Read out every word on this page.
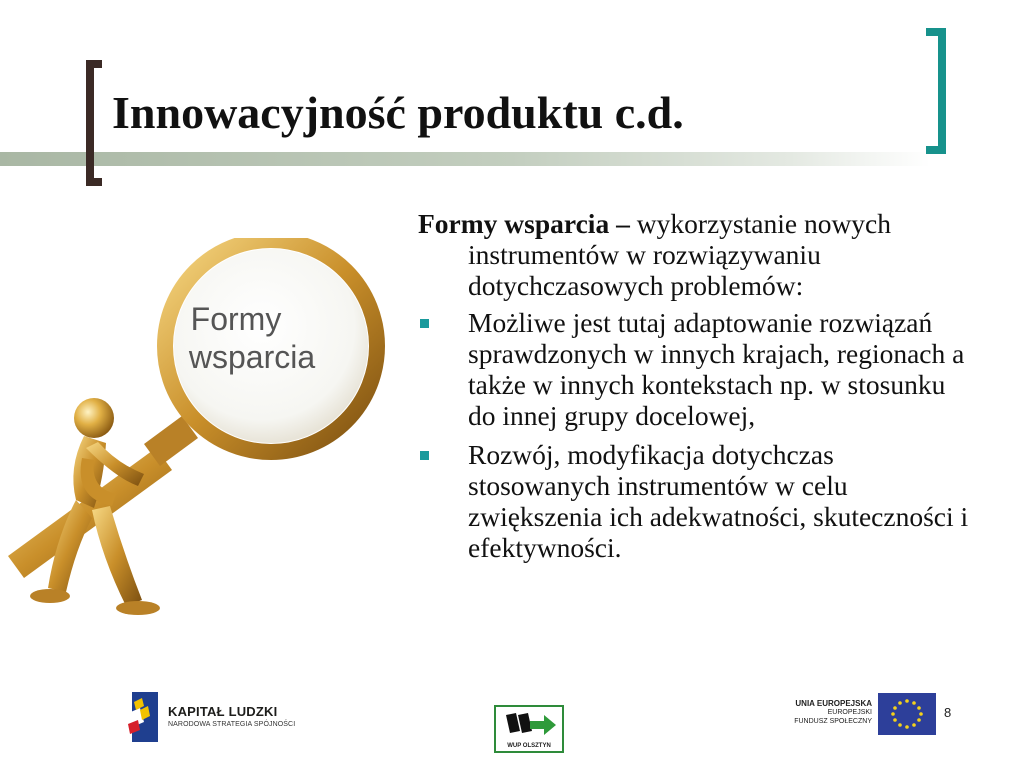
Innowacyjność produktu c.d.
Formy
wsparcia

Formy wsparcia – wykorzystanie nowych instrumentów w rozwiązywaniu dotychczasowych problemów:

Możliwe jest tutaj adaptowanie rozwiązań sprawdzonych w innych krajach, regionach a także w innych kontekstach np. w stosunku do innej grupy docelowej,
Rozwój, modyfikacja dotychczas stosowanych instrumentów w celu zwiększenia ich adekwatności, skuteczności i efektywności.
KAPITAŁ LUDZKI
NARODOWA STRATEGIA SPÓJNOŚCI
WUP OLSZTYN
UNIA EUROPEJSKA
EUROPEJSKI
FUNDUSZ SPOŁECZNY
8
